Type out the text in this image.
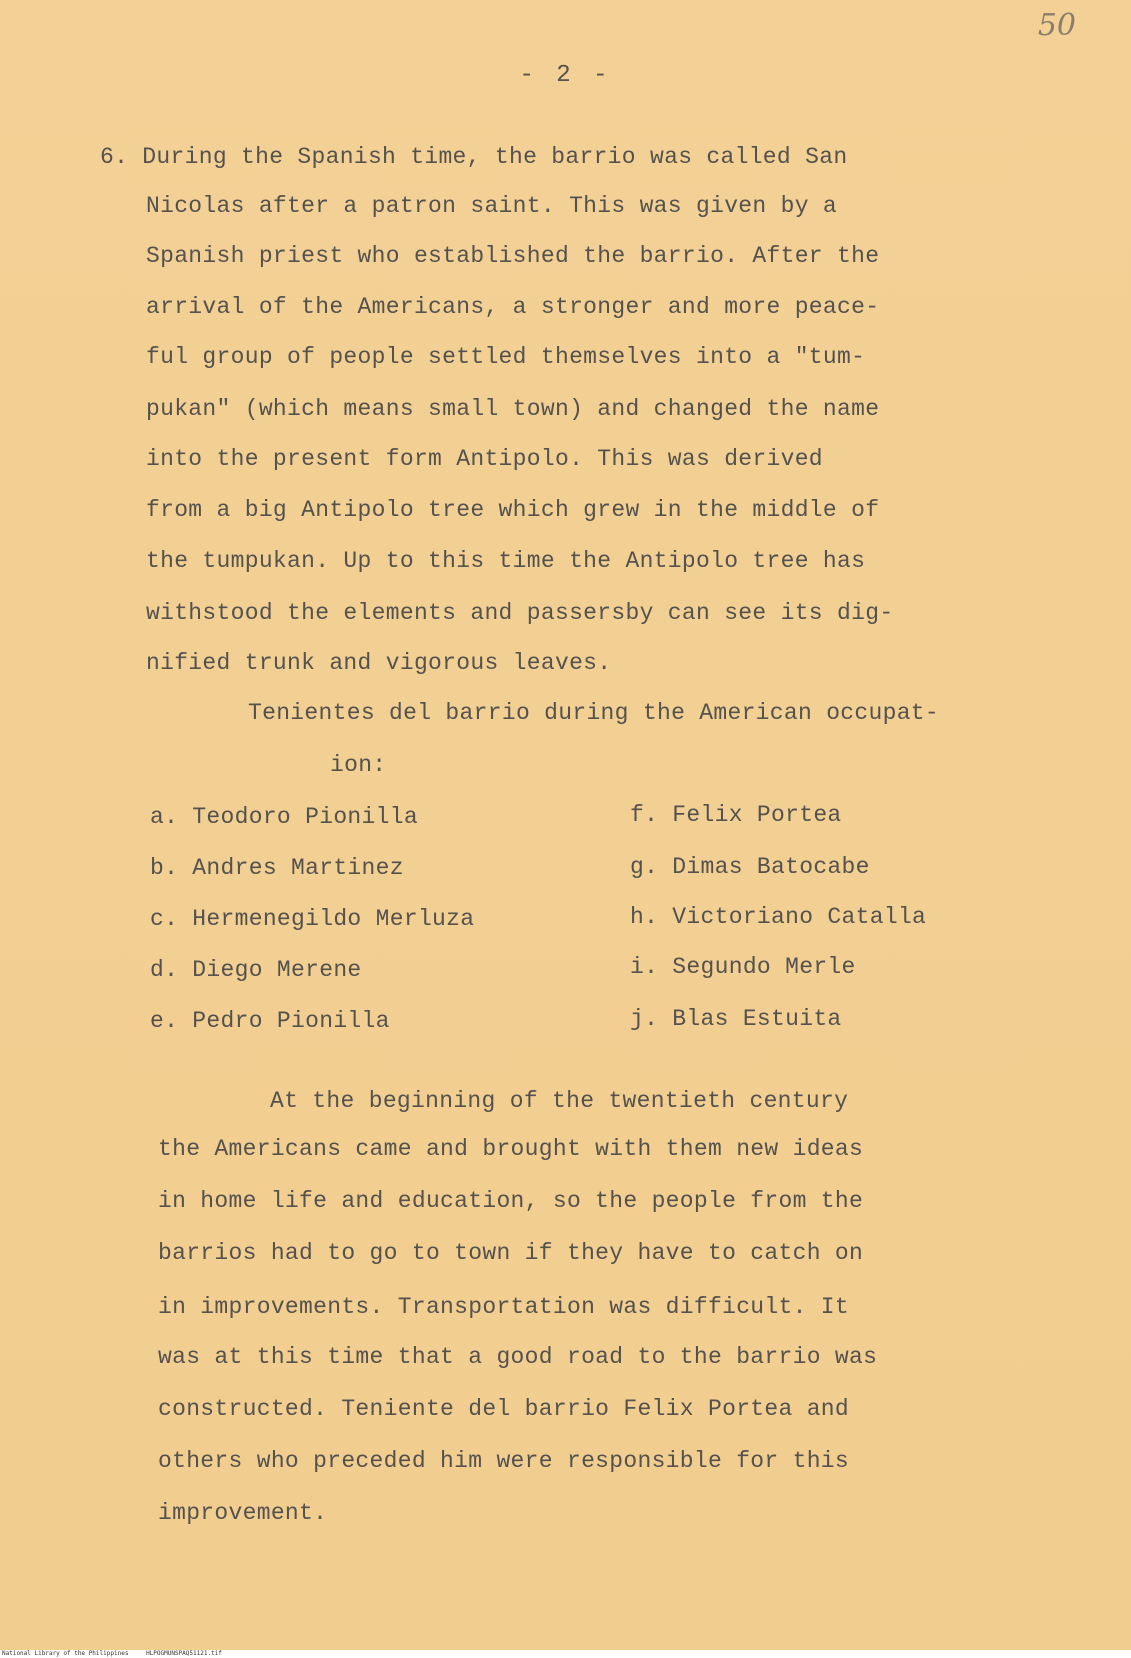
50
- 2 -
6. During the Spanish time, the barrio was called San
Nicolas after a patron saint. This was given by a
Spanish priest who established the barrio. After the
arrival of the Americans, a stronger and more peace-
ful group of people settled themselves into a "tum-
pukan" (which means small town) and changed the name
into the present form Antipolo. This was derived
from a big Antipolo tree which grew in the middle of
the tumpukan. Up to this time the Antipolo tree has
withstood the elements and passersby can see its dig-
nified trunk and vigorous leaves.
Tenientes del barrio during the American occupat-
ion:
a. Teodoro Pionilla
b. Andres Martinez
c. Hermenegildo Merluza
d. Diego Merene
e. Pedro Pionilla
f. Felix Portea
g. Dimas Batocabe
h. Victoriano Catalla
i. Segundo Merle
j. Blas Estuita
At the beginning of the twentieth century
the Americans came and brought with them new ideas
in home life and education, so the people from the
barrios had to go to town if they have to catch on
in improvements. Transportation was difficult. It
was at this time that a good road to the barrio was
constructed. Teniente del barrio Felix Portea and
others who preceded him were responsible for this
improvement.
National Library of the Philippines	HLPOGMUNSPAQ51121.tif
